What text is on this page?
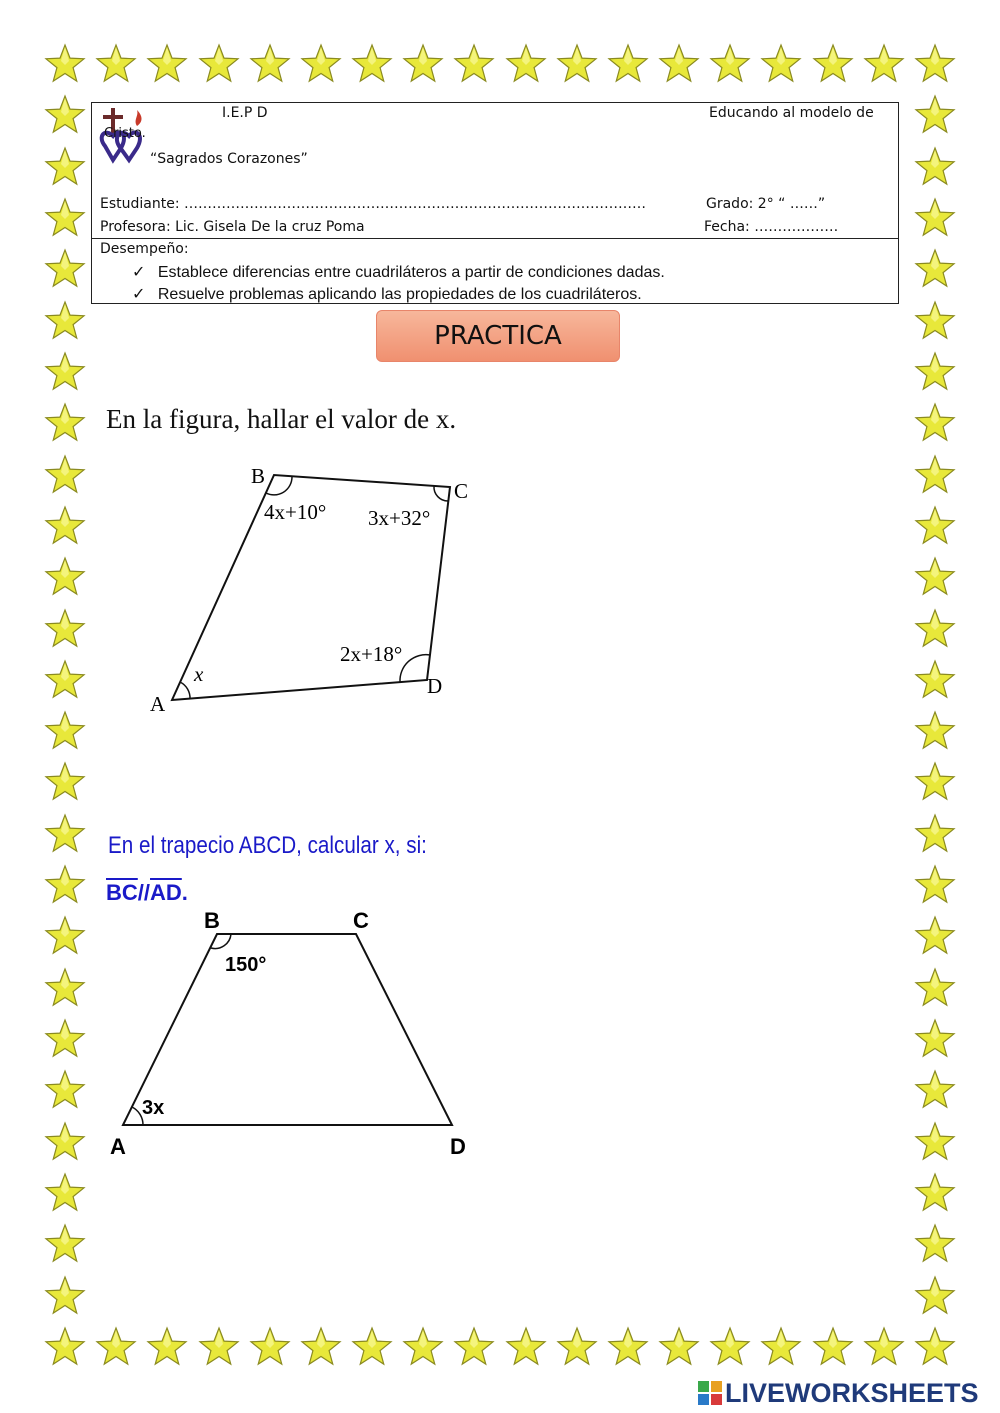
I.E.P D
“Sagrados Corazones”
Educando al modelo de
Cristo.
Estudiante: ………………………………………………………………………………………	Grado: 2° “ ……”
Profesora: Lic. Gisela De la cruz Poma	Fecha: ………………
Desempeño:
✓ Establece diferencias entre cuadriláteros a partir de condiciones dadas.
✓ Resuelve problemas aplicando las propiedades de los cuadriláteros.
PRACTICA
En la figura, hallar el valor de x.
B
C
D
A
4x+10° 3x+32°
2x+18°
x
En el trapecio ABCD, calcular x, si:
$\overline{BC}//\overline{AD}$.
B	C
A	D
150°
3x
LIVEWORKSHEETS
